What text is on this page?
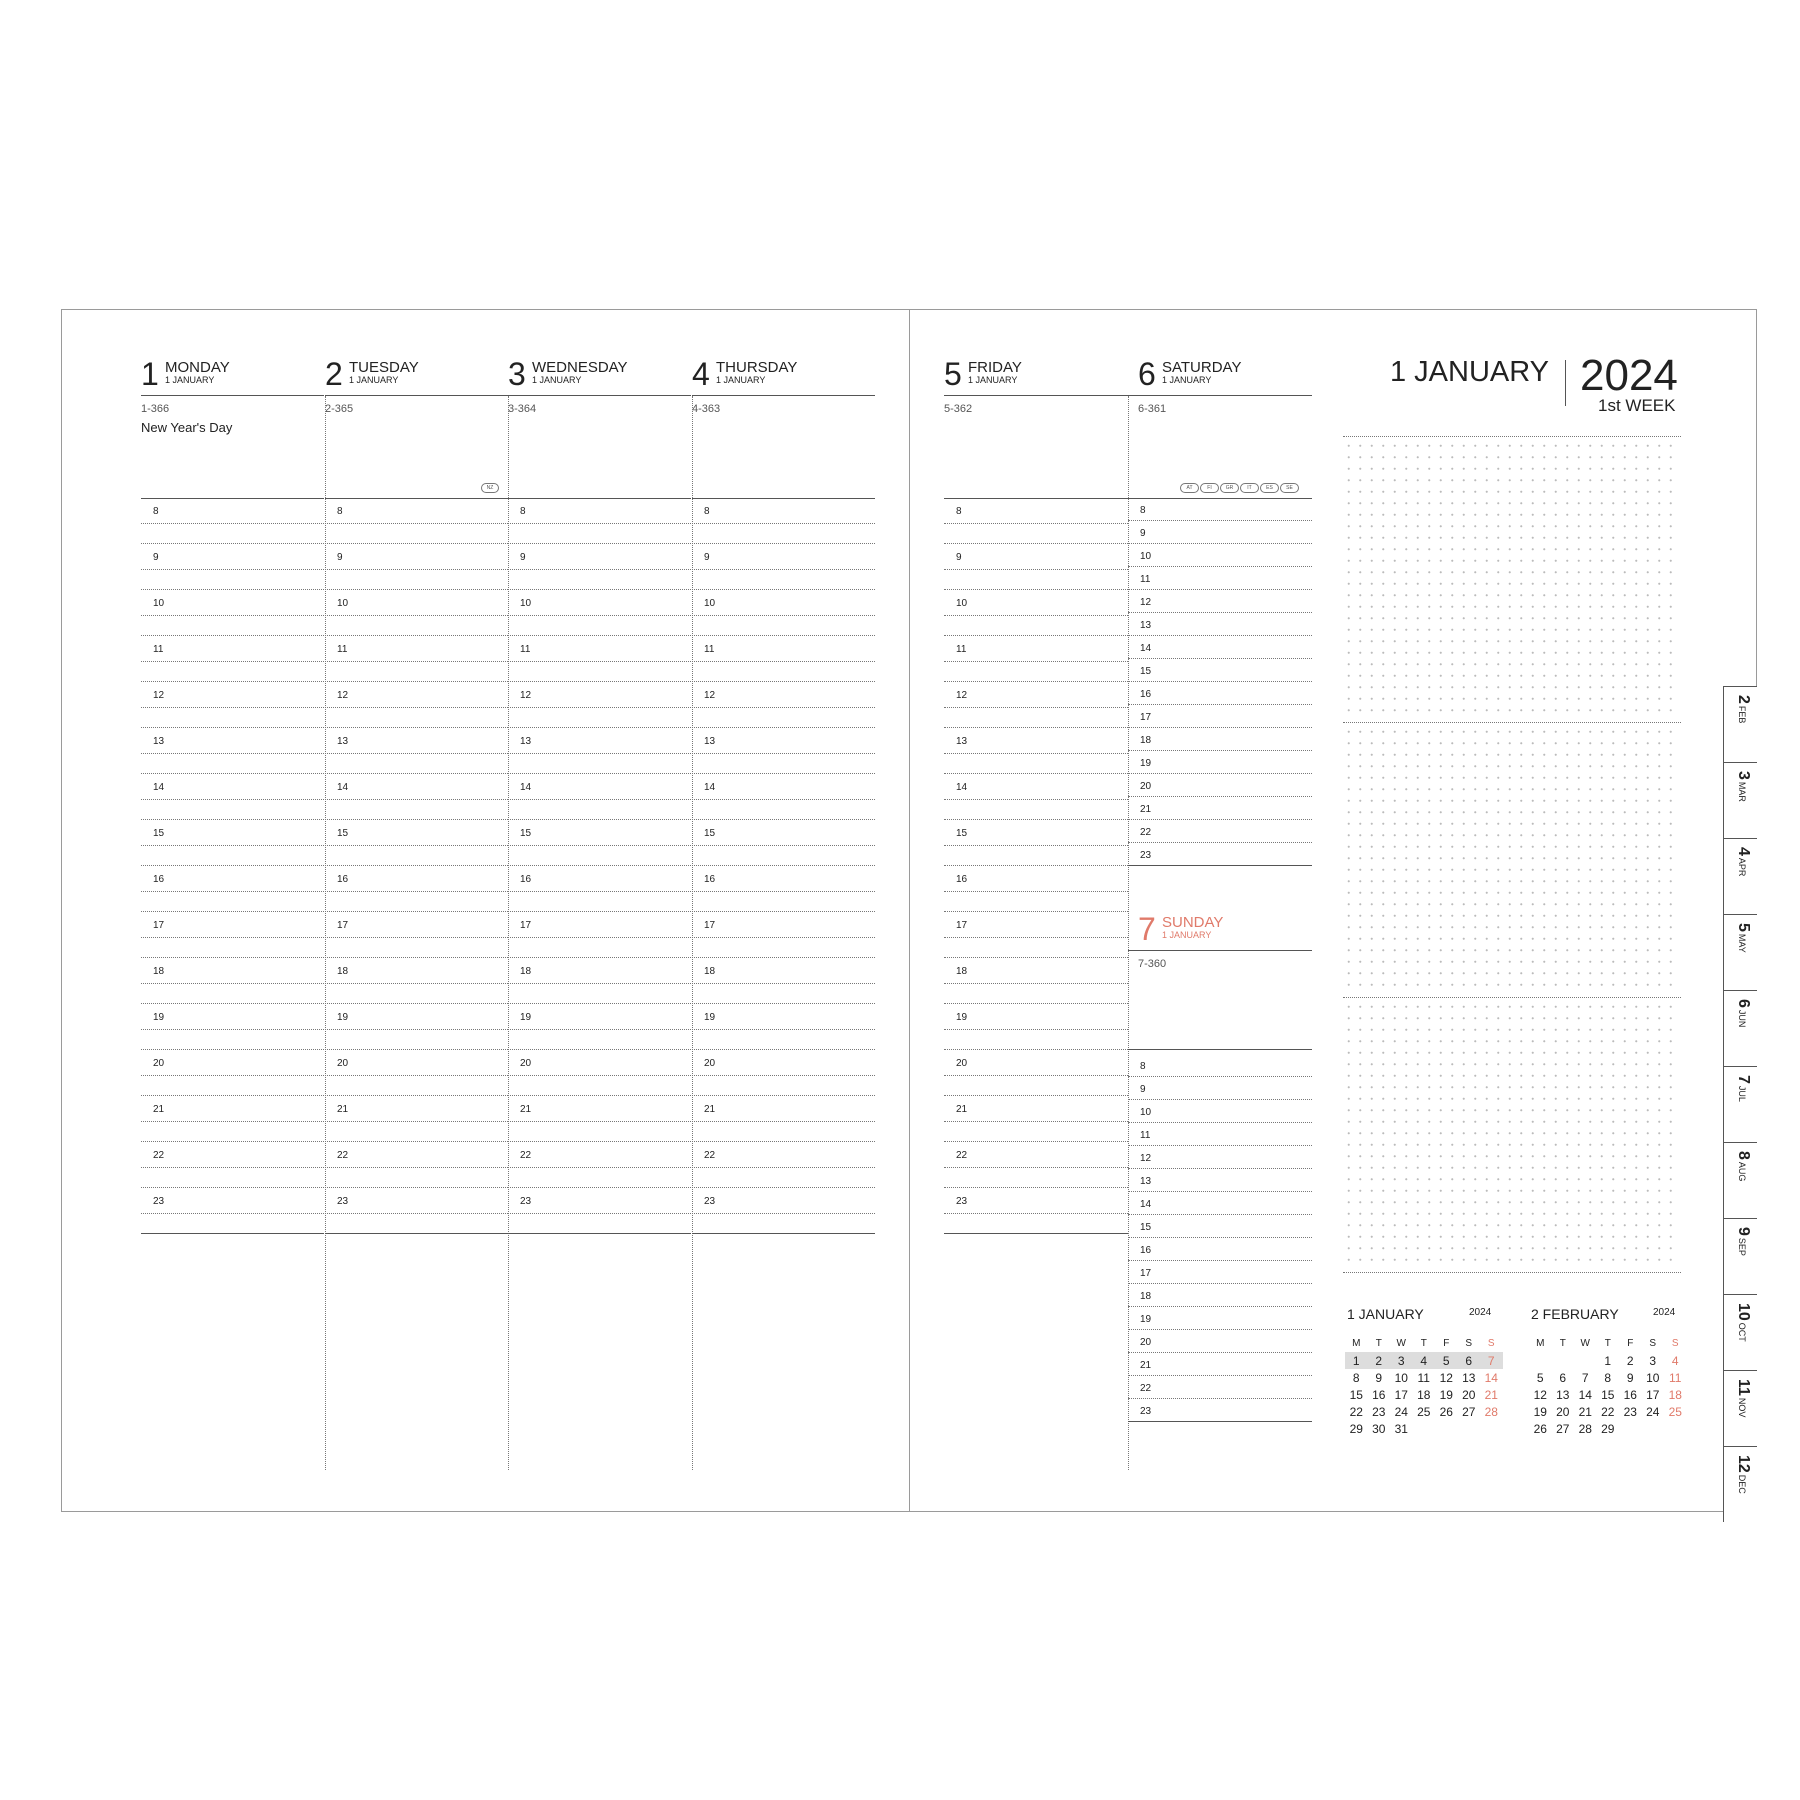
1 MONDAY
1 JANUARY
1-366
New Year's Day
8
9
10
11
12
13
14
15
16
17
18
19
20
21
22
23
2 TUESDAY
1 JANUARY
2-365
NZ
8
9
10
11
12
13
14
15
16
17
18
19
20
21
22
23
3 WEDNESDAY
1 JANUARY
3-364
8
9
10
11
12
13
14
15
16
17
18
19
20
21
22
23
4 THURSDAY
1 JANUARY
4-363
8
9
10
11
12
13
14
15
16
17
18
19
20
21
22
23
5 FRIDAY
1 JANUARY
5-362
8
9
10
11
12
13
14
15
16
17
18
19
20
21
22
23
6 SATURDAY
1 JANUARY
6-361
AT	FI	GR	IT	ES	SE
8
9
10
11
12
13
14
15
16
17
18
19
20
21
22
23
7 SUNDAY
1 JANUARY
7-360
8
9
10
11
12
13
14
15
16
17
18
19
20
21
22
23
1 JANUARY 2024
1st WEEK
1 JANUARY	2024
M	T	W	T	F	S	S
1	2	3	4	5	6	7
8	9	10	11	12	13	14
15	16	17	18	19	20	21
22	23	24	25	26	27	28
29	30	31				
2 FEBRUARY	2024
M	T	W	T	F	S	S
			1	2	3	4
5	6	7	8	9	10	11
12	13	14	15	16	17	18
19	20	21	22	23	24	25
26	27	28	29			
2FEB
3MAR
4APR
5MAY
6JUN
7JUL
8AUG
9SEP
10OCT
11NOV
12DEC
